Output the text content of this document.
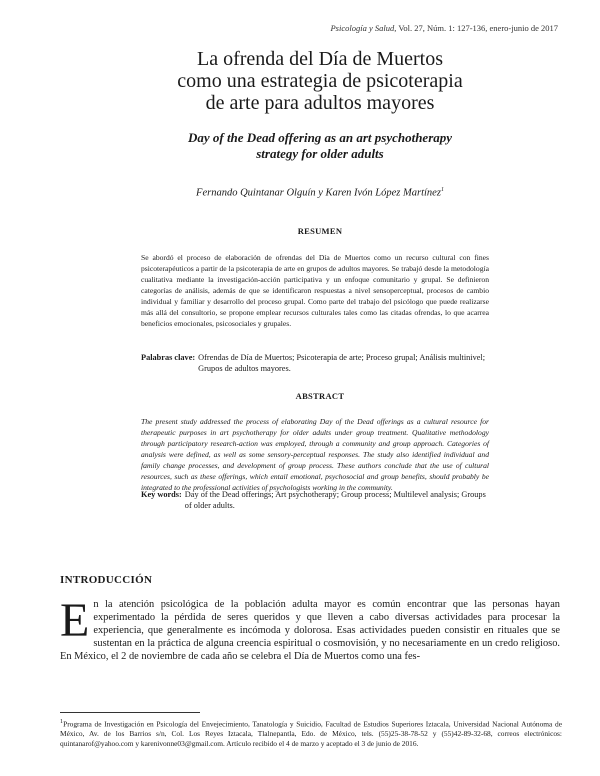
Psicología y Salud, Vol. 27, Núm. 1: 127-136, enero-junio de 2017
La ofrenda del Día de Muertos
como una estrategia de psicoterapia
de arte para adultos mayores
Day of the Dead offering as an art psychotherapy
strategy for older adults
Fernando Quintanar Olguín y Karen Ivón López Martínez$^1$
RESUMEN
Se abordó el proceso de elaboración de ofrendas del Día de Muertos como un recurso cultural con fines psicoterapéuticos a partir de la psicoterapia de arte en grupos de adultos mayores. Se trabajó desde la metodología cualitativa mediante la investigación-acción participativa y un enfoque comunitario y grupal. Se definieron categorías de análisis, además de que se identificaron respuestas a nivel sensoperceptual, procesos de cambio individual y familiar y desarrollo del proceso grupal. Como parte del trabajo del psicólogo que puede realizarse más allá del consultorio, se propone emplear recursos culturales tales como las citadas ofrendas, lo que acarrea beneficios emocionales, psicosociales y grupales.
Palabras clave: Ofrendas de Día de Muertos; Psicoterapia de arte; Proceso grupal; Análisis multinivel; Grupos de adultos mayores.
ABSTRACT
The present study addressed the process of elaborating Day of the Dead offerings as a cultural resource for therapeutic purposes in art psychotherapy for older adults under group treatment. Qualitative methodology through participatory research-action was employed, through a community and group approach. Categories of analysis were defined, as well as some sensory-perceptual responses. The study also identified individual and family change processes, and development of group process. These authors conclude that the use of cultural resources, such as these offerings, which entail emotional, psychosocial and group benefits, should probably be integrated to the professional activities of psychologists working in the community.
Key words: Day of the Dead offerings; Art psychotherapy; Group process; Multilevel analysis; Groups of older adults.
INTRODUCCIÓN
En la atención psicológica de la población adulta mayor es común encontrar que las personas hayan experimentado la pérdida de seres queridos y que lleven a cabo diversas actividades para procesar la experiencia, que generalmente es incómoda y dolorosa. Esas actividades pueden consistir en rituales que se sustentan en la práctica de alguna creencia espiritual o cosmovisión, y no necesariamente en un credo religioso. En México, el 2 de noviembre de cada año se celebra el Día de Muertos como una fes-
$^1$Programa de Investigación en Psicología del Envejecimiento, Tanatología y Suicidio, Facultad de Estudios Superiores Iztacala, Universidad Nacional Autónoma de México, Av. de los Barrios s/n, Col. Los Reyes Iztacala, Tlalnepantla, Edo. de México, tels. (55)25-38-78-52 y (55)42-89-32-68, correos electrónicos: quintanarof@yahoo.com y karenivonne03@gmail.com. Artículo recibido el 4 de marzo y aceptado el 3 de junio de 2016.
